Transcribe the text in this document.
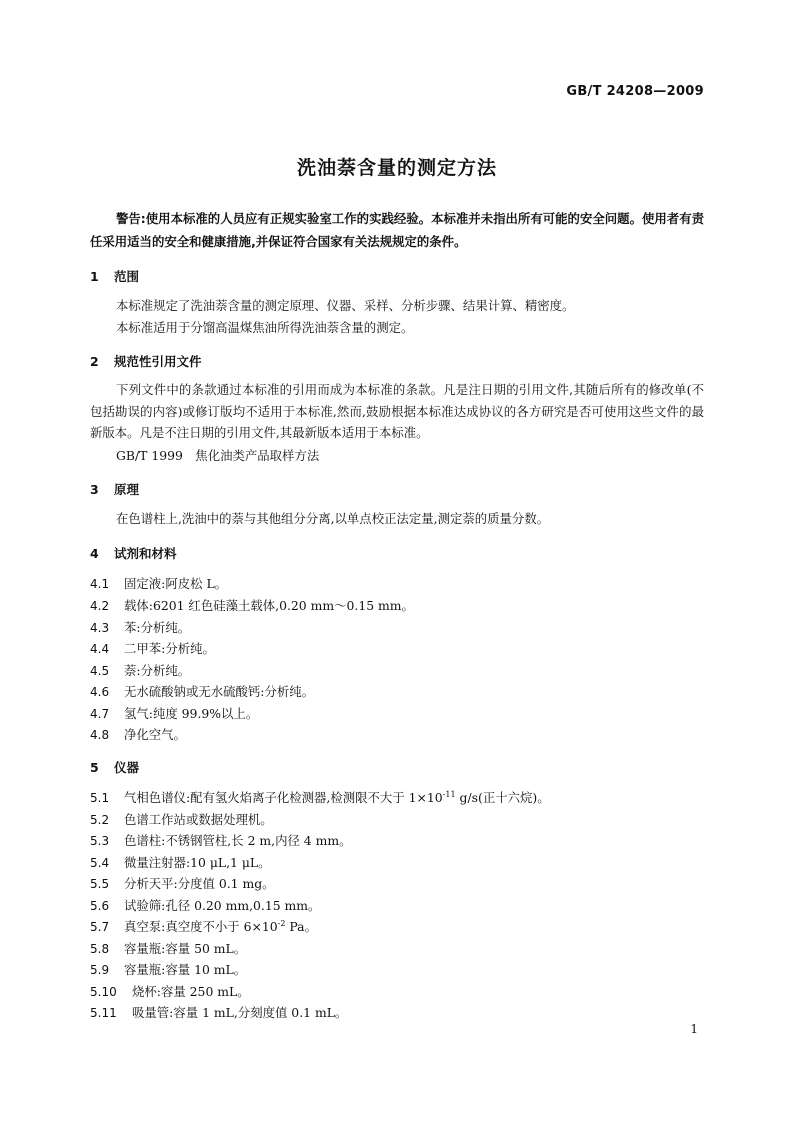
GB/T 24208—2009
洗油萘含量的测定方法
警告:使用本标准的人员应有正规实验室工作的实践经验。本标准并未指出所有可能的安全问题。使用者有责任采用适当的安全和健康措施,并保证符合国家有关法规规定的条件。
1 范围
本标准规定了洗油萘含量的测定原理、仪器、采样、分析步骤、结果计算、精密度。
本标准适用于分馏高温煤焦油所得洗油萘含量的测定。
2 规范性引用文件
下列文件中的条款通过本标准的引用而成为本标准的条款。凡是注日期的引用文件,其随后所有的修改单(不包括勘误的内容)或修订版均不适用于本标准,然而,鼓励根据本标准达成协议的各方研究是否可使用这些文件的最新版本。凡是不注日期的引用文件,其最新版本适用于本标准。
GB/T 1999　焦化油类产品取样方法
3 原理
在色谱柱上,洗油中的萘与其他组分分离,以单点校正法定量,测定萘的质量分数。
4 试剂和材料
4.1 固定液:阿皮松 L。
4.2 载体:6201 红色硅藻土载体,0.20 mm～0.15 mm。
4.3 苯:分析纯。
4.4 二甲苯:分析纯。
4.5 萘:分析纯。
4.6 无水硫酸钠或无水硫酸钙:分析纯。
4.7 氢气:纯度 99.9%以上。
4.8 净化空气。
5 仪器
5.1 气相色谱仪:配有氢火焰离子化检测器,检测限不大于 $1\times 10^{-11}$ g/s(正十六烷)。
5.2 色谱工作站或数据处理机。
5.3 色谱柱:不锈钢管柱,长 2 m,内径 4 mm。
5.4 微量注射器:10 μL,1 μL。
5.5 分析天平:分度值 0.1 mg。
5.6 试验筛:孔径 0.20 mm,0.15 mm。
5.7 真空泵:真空度不小于 $6\times 10^{-2}$ Pa。
5.8 容量瓶:容量 50 mL。
5.9 容量瓶:容量 10 mL。
5.10 烧杯:容量 250 mL。
5.11 吸量管:容量 1 mL,分刻度值 0.1 mL。
1
